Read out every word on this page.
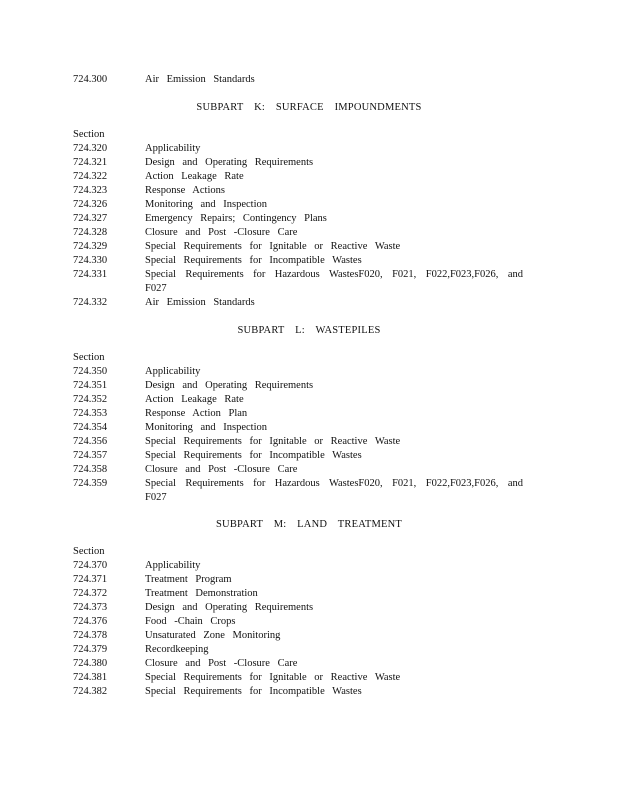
724.300	Air Emission Standards
SUBPART K: SURFACE IMPOUNDMENTS
Section
724.320	Applicability
724.321	Design and Operating Requirements
724.322	Action Leakage Rate
724.323	Response Actions
724.326	Monitoring and Inspection
724.327	Emergency Repairs; Contingency Plans
724.328	Closure and Post -Closure Care
724.329	Special Requirements for Ignitable or Reactive Waste
724.330	Special Requirements for Incompatible Wastes
724.331	Special Requirements for Hazardous WastesF020, F021, F022,F023,F026, and
F027
724.332	Air Emission Standards
SUBPART L: WASTEPILES
Section
724.350	Applicability
724.351	Design and Operating Requirements
724.352	Action Leakage Rate
724.353	Response Action Plan
724.354	Monitoring and Inspection
724.356	Special Requirements for Ignitable or Reactive Waste
724.357	Special Requirements for Incompatible Wastes
724.358	Closure and Post -Closure Care
724.359	Special Requirements for Hazardous WastesF020, F021, F022,F023,F026, and
F027
SUBPART M: LAND TREATMENT
Section
724.370	Applicability
724.371	Treatment Program
724.372	Treatment Demonstration
724.373	Design and Operating Requirements
724.376	Food -Chain Crops
724.378	Unsaturated Zone Monitoring
724.379	Recordkeeping
724.380	Closure and Post -Closure Care
724.381	Special Requirements for Ignitable or Reactive Waste
724.382	Special Requirements for Incompatible Wastes
